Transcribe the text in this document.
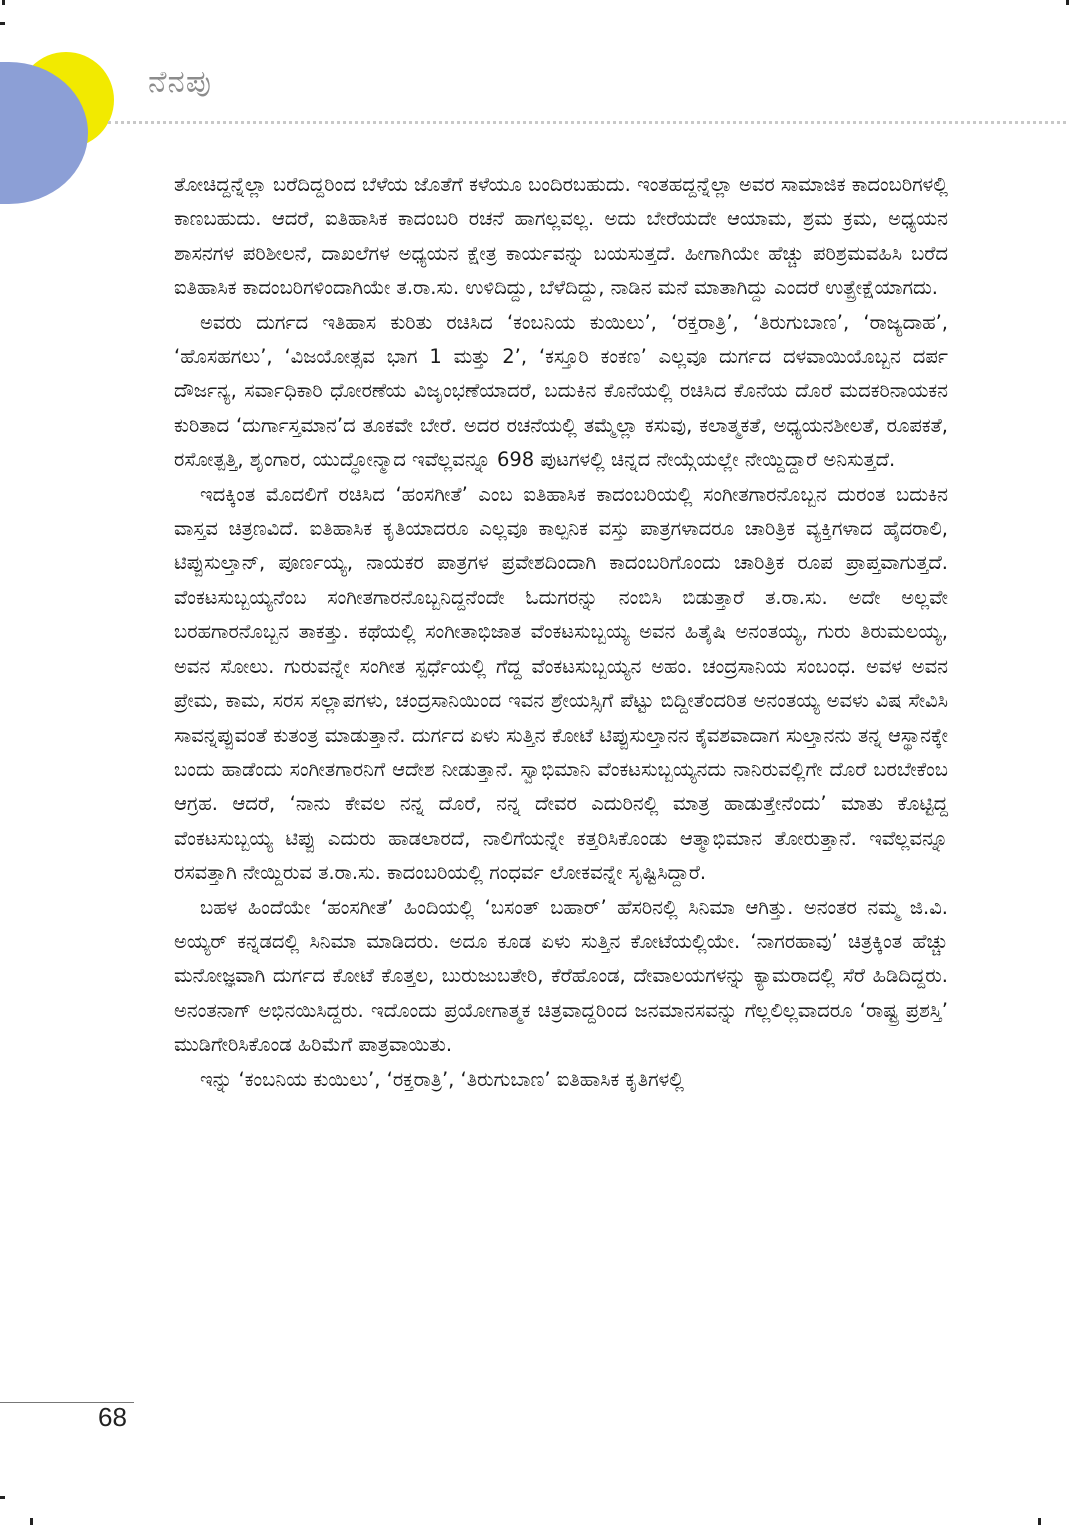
ನೆನಪು

ತೋಚಿದ್ದನ್ನೆಲ್ಲಾ ಬರೆದಿದ್ದರಿಂದ ಬೆಳೆಯ ಜೊತೆಗೆ ಕಳೆಯೂ ಬಂದಿರಬಹುದು. ಇಂತಹದ್ದನ್ನೆಲ್ಲಾ ಅವರ ಸಾಮಾಜಿಕ ಕಾದಂಬರಿಗಳಲ್ಲಿ ಕಾಣಬಹುದು. ಆದರೆ, ಐತಿಹಾಸಿಕ ಕಾದಂಬರಿ ರಚನೆ ಹಾಗಲ್ಲವಲ್ಲ. ಅದು ಬೇರೆಯದೇ ಆಯಾಮ, ಶ್ರಮ ಕ್ರಮ, ಅಧ್ಯಯನ ಶಾಸನಗಳ ಪರಿಶೀಲನೆ, ದಾಖಲೆಗಳ ಅಧ್ಯಯನ ಕ್ಷೇತ್ರ ಕಾರ್ಯವನ್ನು ಬಯಸುತ್ತದೆ. ಹೀಗಾಗಿಯೇ ಹೆಚ್ಚು ಪರಿಶ್ರಮವಹಿಸಿ ಬರೆದ ಐತಿಹಾಸಿಕ ಕಾದಂಬರಿಗಳಿಂದಾಗಿಯೇ ತ.ರಾ.ಸು. ಉಳಿದಿದ್ದು, ಬೆಳೆದಿದ್ದು, ನಾಡಿನ ಮನೆ ಮಾತಾಗಿದ್ದು ಎಂದರೆ ಉತ್ಪ್ರೇಕ್ಷೆಯಾಗದು.

ಅವರು ದುರ್ಗದ ಇತಿಹಾಸ ಕುರಿತು ರಚಿಸಿದ ‘ಕಂಬನಿಯ ಕುಯಿಲು’, ‘ರಕ್ತರಾತ್ರಿ’, ‘ತಿರುಗುಬಾಣ’, ‘ರಾಜ್ಯದಾಹ’, ‘ಹೊಸಹಗಲು’, ‘ವಿಜಯೋತ್ಸವ ಭಾಗ 1 ಮತ್ತು 2’, ‘ಕಸ್ತೂರಿ ಕಂಕಣ’ ಎಲ್ಲವೂ ದುರ್ಗದ ದಳವಾಯಿಯೊಬ್ಬನ ದರ್ಪ ದೌರ್ಜನ್ಯ, ಸರ್ವಾಧಿಕಾರಿ ಧೋರಣೆಯ ವಿಜೃಂಭಣೆಯಾದರೆ, ಬದುಕಿನ ಕೊನೆಯಲ್ಲಿ ರಚಿಸಿದ ಕೊನೆಯ ದೊರೆ ಮದಕರಿನಾಯಕನ ಕುರಿತಾದ ‘ದುರ್ಗಾಸ್ತಮಾನ’ದ ತೂಕವೇ ಬೇರೆ. ಅದರ ರಚನೆಯಲ್ಲಿ ತಮ್ಮೆಲ್ಲಾ ಕಸುವು, ಕಲಾತ್ಮಕತೆ, ಅಧ್ಯಯನಶೀಲತೆ, ರೂಪಕತೆ, ರಸೋತ್ಪತ್ತಿ, ಶೃಂಗಾರ, ಯುದ್ಧೋನ್ಮಾದ ಇವೆಲ್ಲವನ್ನೂ 698 ಪುಟಗಳಲ್ಲಿ ಚಿನ್ನದ ನೇಯ್ಗೆಯಲ್ಲೇ ನೇಯ್ದಿದ್ದಾರೆ ಅನಿಸುತ್ತದೆ.

ಇದಕ್ಕಿಂತ ಮೊದಲಿಗೆ ರಚಿಸಿದ ‘ಹಂಸಗೀತೆ’ ಎಂಬ ಐತಿಹಾಸಿಕ ಕಾದಂಬರಿಯಲ್ಲಿ ಸಂಗೀತಗಾರನೊಬ್ಬನ ದುರಂತ ಬದುಕಿನ ವಾಸ್ತವ ಚಿತ್ರಣವಿದೆ. ಐತಿಹಾಸಿಕ ಕೃತಿಯಾದರೂ ಎಲ್ಲವೂ ಕಾಲ್ಪನಿಕ ವಸ್ತು ಪಾತ್ರಗಳಾದರೂ ಚಾರಿತ್ರಿಕ ವ್ಯಕ್ತಿಗಳಾದ ಹೈದರಾಲಿ, ಟಿಪ್ಪುಸುಲ್ತಾನ್, ಪೂರ್ಣಯ್ಯ, ನಾಯಕರ ಪಾತ್ರಗಳ ಪ್ರವೇಶದಿಂದಾಗಿ ಕಾದಂಬರಿಗೊಂದು ಚಾರಿತ್ರಿಕ ರೂಪ ಪ್ರಾಪ್ತವಾಗುತ್ತದೆ. ವೆಂಕಟಸುಬ್ಬಯ್ಯನೆಂಬ ಸಂಗೀತಗಾರನೊಬ್ಬನಿದ್ದನೆಂದೇ ಓದುಗರನ್ನು ನಂಬಿಸಿ ಬಿಡುತ್ತಾರೆ ತ.ರಾ.ಸು. ಅದೇ ಅಲ್ಲವೇ ಬರಹಗಾರನೊಬ್ಬನ ತಾಕತ್ತು. ಕಥೆಯಲ್ಲಿ ಸಂಗೀತಾಭಿಜಾತ ವೆಂಕಟಸುಬ್ಬಯ್ಯ ಅವನ ಹಿತೈಷಿ ಅನಂತಯ್ಯ, ಗುರು ತಿರುಮಲಯ್ಯ, ಅವನ ಸೋಲು. ಗುರುವನ್ನೇ ಸಂಗೀತ ಸ್ಪರ್ಧೆಯಲ್ಲಿ ಗೆದ್ದ ವೆಂಕಟಸುಬ್ಬಯ್ಯನ ಅಹಂ. ಚಂದ್ರಸಾನಿಯ ಸಂಬಂಧ. ಅವಳ ಅವನ ಪ್ರೇಮ, ಕಾಮ, ಸರಸ ಸಲ್ಲಾಪಗಳು, ಚಂದ್ರಸಾನಿಯಿಂದ ಇವನ ಶ್ರೇಯಸ್ಸಿಗೆ ಪೆಟ್ಟು ಬಿದ್ದೀತೆಂದರಿತ ಅನಂತಯ್ಯ ಅವಳು ವಿಷ ಸೇವಿಸಿ ಸಾವನ್ನಪ್ಪುವಂತೆ ಕುತಂತ್ರ ಮಾಡುತ್ತಾನೆ. ದುರ್ಗದ ಏಳು ಸುತ್ತಿನ ಕೋಟೆ ಟಿಪ್ಪುಸುಲ್ತಾನನ ಕೈವಶವಾದಾಗ ಸುಲ್ತಾನನು ತನ್ನ ಆಸ್ಥಾನಕ್ಕೇ ಬಂದು ಹಾಡೆಂದು ಸಂಗೀತಗಾರನಿಗೆ ಆದೇಶ ನೀಡುತ್ತಾನೆ. ಸ್ವಾಭಿಮಾನಿ ವೆಂಕಟಸುಬ್ಬಯ್ಯನದು ನಾನಿರುವಲ್ಲಿಗೇ ದೊರೆ ಬರಬೇಕೆಂಬ ಆಗ್ರಹ. ಆದರೆ, ‘ನಾನು ಕೇವಲ ನನ್ನ ದೊರೆ, ನನ್ನ ದೇವರ ಎದುರಿನಲ್ಲಿ ಮಾತ್ರ ಹಾಡುತ್ತೇನೆಂದು’ ಮಾತು ಕೊಟ್ಟಿದ್ದ ವೆಂಕಟಸುಬ್ಬಯ್ಯ ಟಿಪ್ಪು ಎದುರು ಹಾಡಲಾರದೆ, ನಾಲಿಗೆಯನ್ನೇ ಕತ್ತರಿಸಿಕೊಂಡು ಆತ್ಮಾಭಿಮಾನ ತೋರುತ್ತಾನೆ. ಇವೆಲ್ಲವನ್ನೂ ರಸವತ್ತಾಗಿ ನೇಯ್ದಿರುವ ತ.ರಾ.ಸು. ಕಾದಂಬರಿಯಲ್ಲಿ ಗಂಧರ್ವ ಲೋಕವನ್ನೇ ಸೃಷ್ಟಿಸಿದ್ದಾರೆ.

ಬಹಳ ಹಿಂದೆಯೇ ‘ಹಂಸಗೀತೆ’ ಹಿಂದಿಯಲ್ಲಿ ‘ಬಸಂತ್ ಬಹಾರ್’ ಹೆಸರಿನಲ್ಲಿ ಸಿನಿಮಾ ಆಗಿತ್ತು. ಅನಂತರ ನಮ್ಮ ಜಿ.ವಿ. ಅಯ್ಯರ್ ಕನ್ನಡದಲ್ಲಿ ಸಿನಿಮಾ ಮಾಡಿದರು. ಅದೂ ಕೂಡ ಏಳು ಸುತ್ತಿನ ಕೋಟೆಯಲ್ಲಿಯೇ. ‘ನಾಗರಹಾವು’ ಚಿತ್ರಕ್ಕಿಂತ ಹೆಚ್ಚು ಮನೋಜ್ಞವಾಗಿ ದುರ್ಗದ ಕೋಟೆ ಕೊತ್ತಲ, ಬುರುಜುಬತೇರಿ, ಕೆರೆಹೊಂಡ, ದೇವಾಲಯಗಳನ್ನು ಕ್ಯಾಮರಾದಲ್ಲಿ ಸೆರೆ ಹಿಡಿದಿದ್ದರು. ಅನಂತನಾಗ್ ಅಭಿನಯಿಸಿದ್ದರು. ಇದೊಂದು ಪ್ರಯೋಗಾತ್ಮಕ ಚಿತ್ರವಾದ್ದರಿಂದ ಜನಮಾನಸವನ್ನು ಗೆಲ್ಲಲಿಲ್ಲವಾದರೂ ‘ರಾಷ್ಟ್ರ ಪ್ರಶಸ್ತಿ’ ಮುಡಿಗೇರಿಸಿಕೊಂಡ ಹಿರಿಮೆಗೆ ಪಾತ್ರವಾಯಿತು.

ಇನ್ನು ‘ಕಂಬನಿಯ ಕುಯಿಲು’, ‘ರಕ್ತರಾತ್ರಿ’, ‘ತಿರುಗುಬಾಣ’ ಐತಿಹಾಸಿಕ ಕೃತಿಗಳಲ್ಲಿ

68
